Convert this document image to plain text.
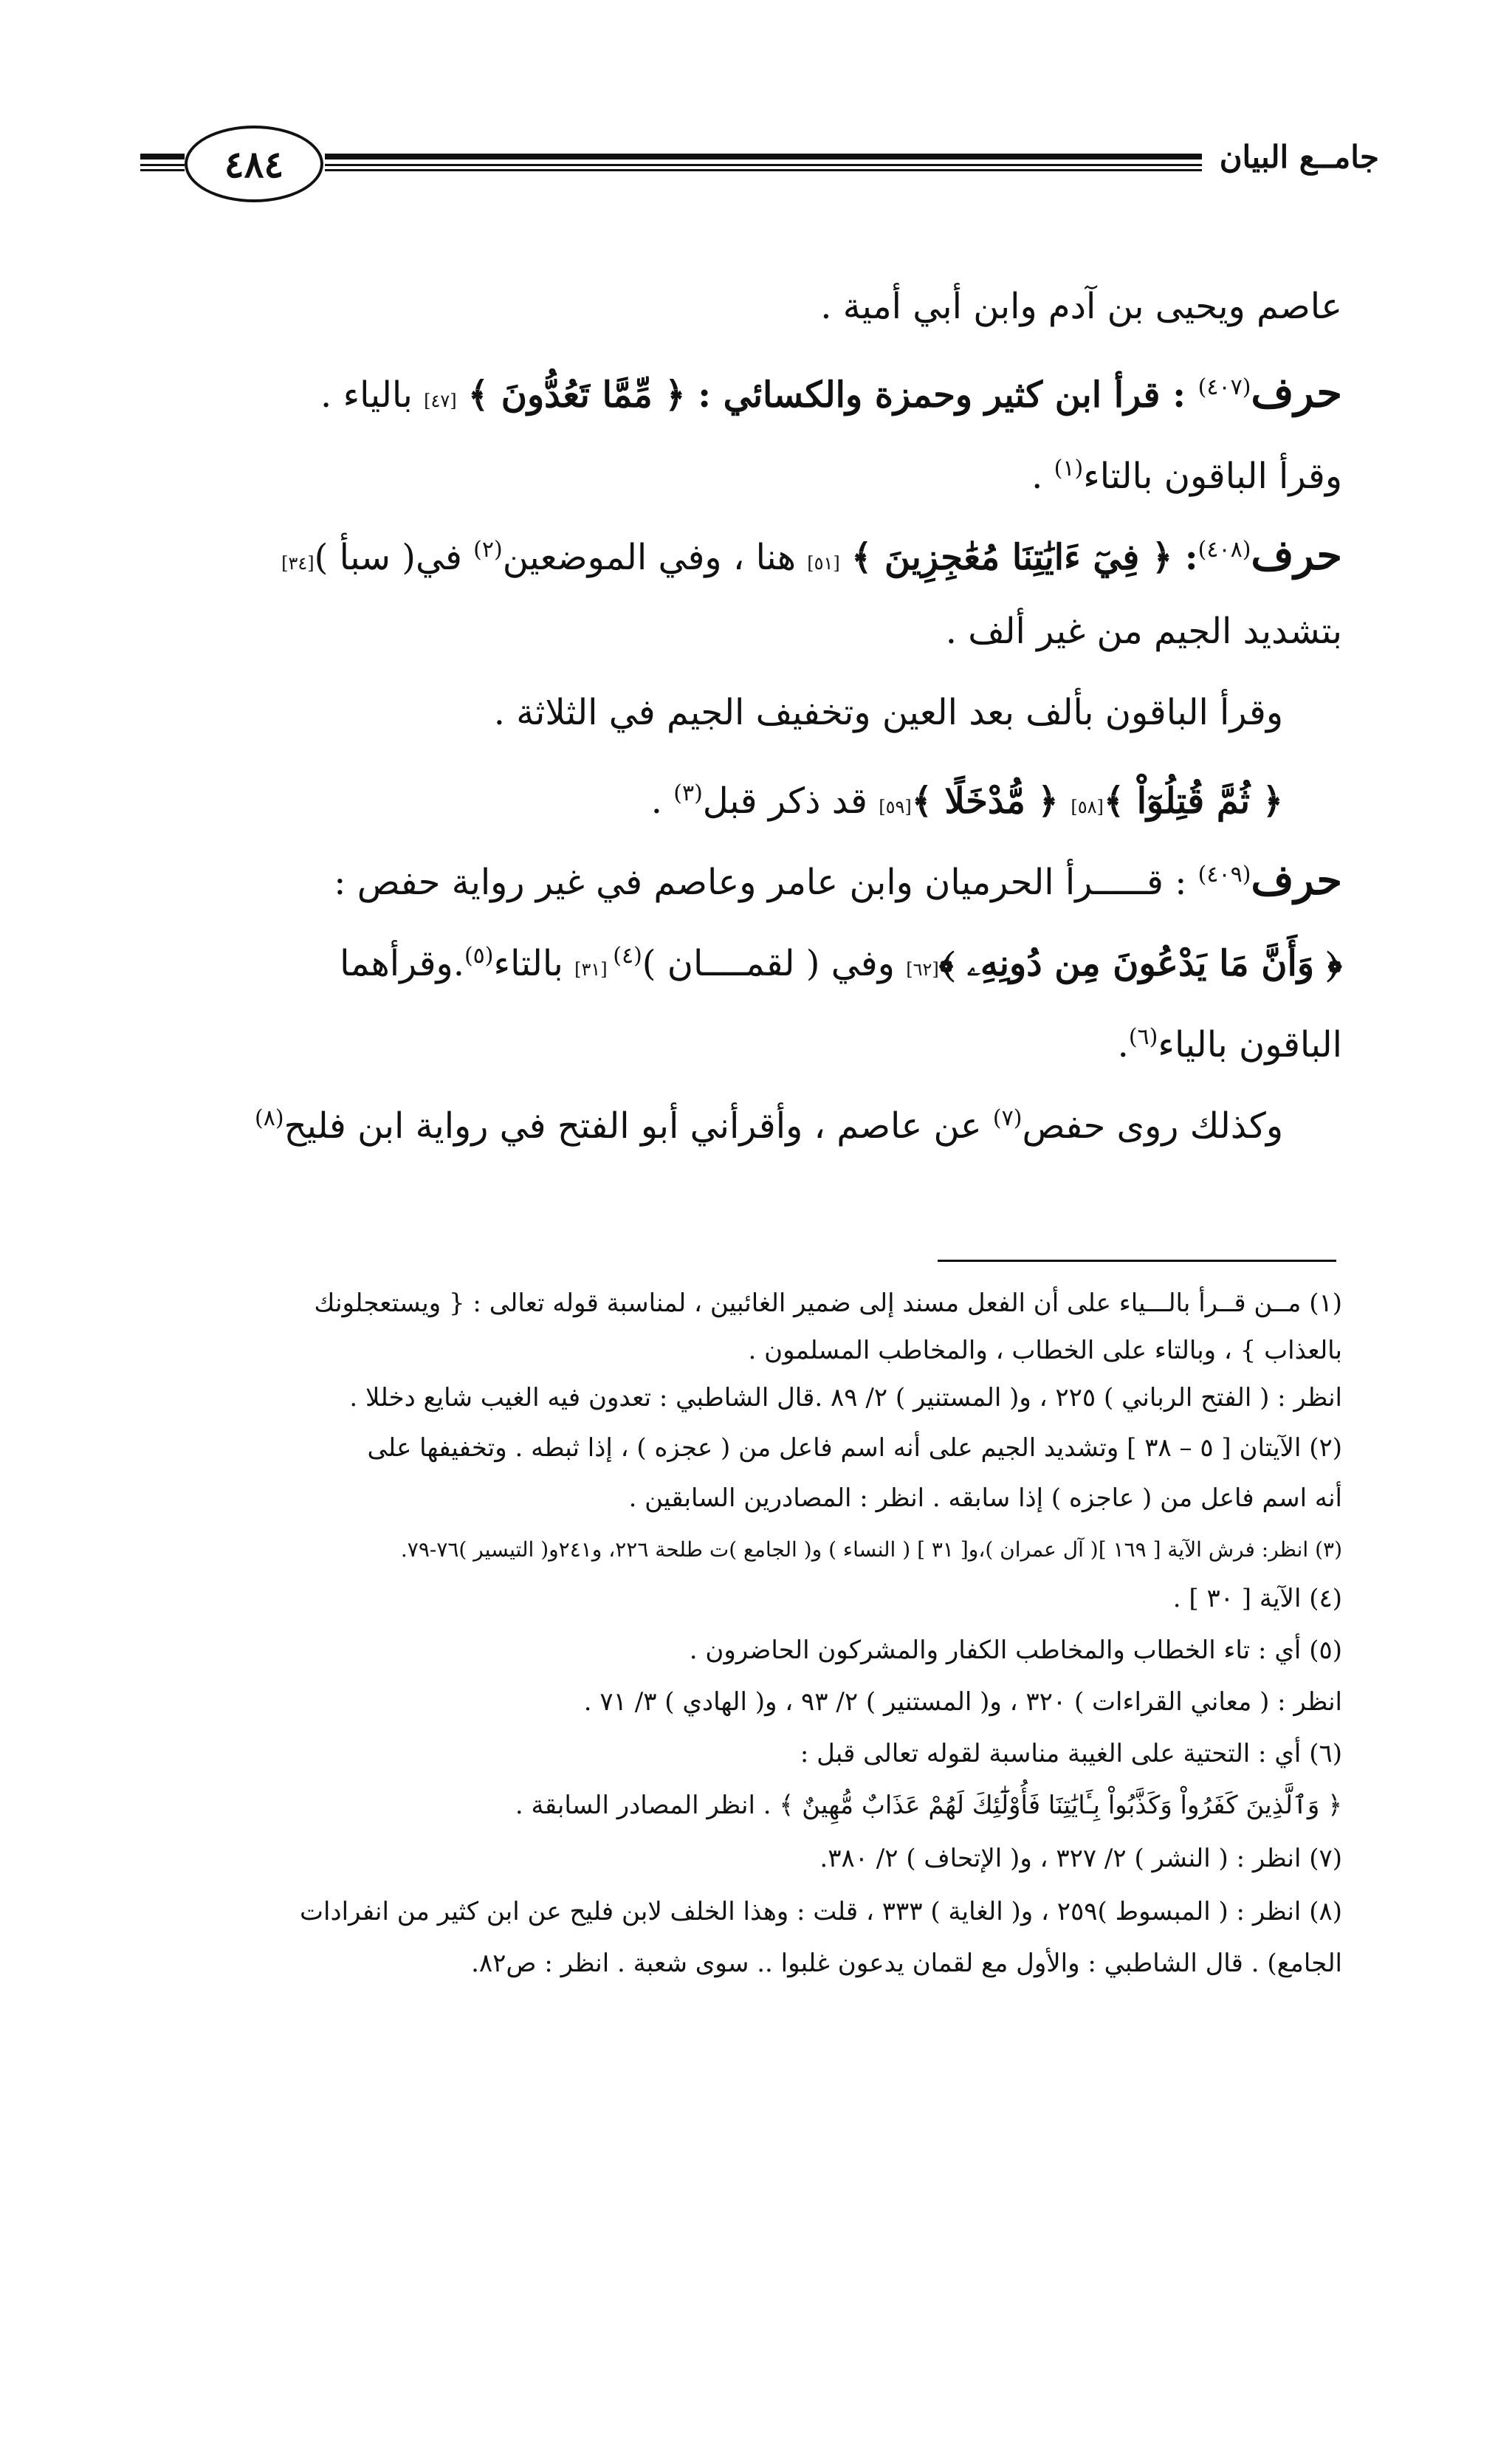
٤٨٤	جامــع البيان
عاصم ويحيى بن آدم وابن أبي أمية .
حرف$^{(٤٠٧)}$ : قرأ ابن كثير وحمزة والكسائي : ﴿ مِّمَّا تَعُدُّونَ ﴾ [٤٧] بالياء .
وقرأ الباقون بالتاء$^{(١)}$ .
حرف$^{(٤٠٨)}$: ﴿ فِيٓ ءَايَٰتِنَا مُعَٰجِزِينَ ﴾ [٥١] هنا ، وفي الموضعين$^{(٢)}$ في( سبأ )[٣٤]
بتشديد الجيم من غير ألف .
وقرأ الباقون بألف بعد العين وتخفيف الجيم في الثلاثة .
﴿ ثُمَّ قُتِلُوٓاْ ﴾[٥٨] ﴿ مُّدْخَلًا ﴾[٥٩] قد ذكر قبل$^{(٣)}$ .
حرف$^{(٤٠٩)}$ : قـــــرأ الحرميان وابن عامر وعاصم في غير رواية حفص :
﴿ وَأَنَّ مَا يَدْعُونَ مِن دُونِهِۦ ﴾[٦٢] وفي ( لقمــــان )$^{(٤)}$ [٣١] بالتاء$^{(٥)}$.وقرأهما
الباقون بالياء$^{(٦)}$.
وكذلك روى حفص$^{(٧)}$ عن عاصم ، وأقرأني أبو الفتح في رواية ابن فليح$^{(٨)}$
(١) مــن قــرأ بالـــياء على أن الفعل مسند إلى ضمير الغائبين ، لمناسبة قوله تعالى : { ويستعجلونك
بالعذاب } ، وبالتاء على الخطاب ، والمخاطب المسلمون .
انظر : ( الفتح الرباني ) ٢٢٥ ، و( المستنير ) ٢/ ٨٩ .قال الشاطبي : تعدون فيه الغيب شايع دخللا .
(٢) الآيتان [ ٥ – ٣٨ ] وتشديد الجيم على أنه اسم فاعل من ( عجزه ) ، إذا ثبطه . وتخفيفها على
أنه اسم فاعل من ( عاجزه ) إذا سابقه . انظر : المصادرين السابقين .
(٣) انظر: فرش الآية [ ١٦٩ ]( آل عمران )،و[ ٣١ ] ( النساء ) و( الجامع )ت طلحة ٢٢٦، و٢٤١و( التيسير )٧٦-٧٩.
(٤) الآية [ ٣٠ ] .
(٥) أي : تاء الخطاب والمخاطب الكفار والمشركون الحاضرون .
انظر : ( معاني القراءات ) ٣٢٠ ، و( المستنير ) ٢/ ٩٣ ، و( الهادي ) ٣/ ٧١ .
(٦) أي : التحتية على الغيبة مناسبة لقوله تعالى قبل :
﴿ وَٱلَّذِينَ كَفَرُواْ وَكَذَّبُواْ بِـَٔايَٰتِنَا فَأُوْلَٰٓئِكَ لَهُمْ عَذَابٌ مُّهِينٌ ﴾ . انظر المصادر السابقة .
(٧) انظر : ( النشر ) ٢/ ٣٢٧ ، و( الإتحاف ) ٢/ ٣٨٠.
(٨) انظر : ( المبسوط )٢٥٩ ، و( الغاية ) ٣٣٣ ، قلت : وهذا الخلف لابن فليح عن ابن كثير من انفرادات
الجامع) . قال الشاطبي : والأول مع لقمان يدعون غلبوا .. سوى شعبة . انظر : ص٨٢.
